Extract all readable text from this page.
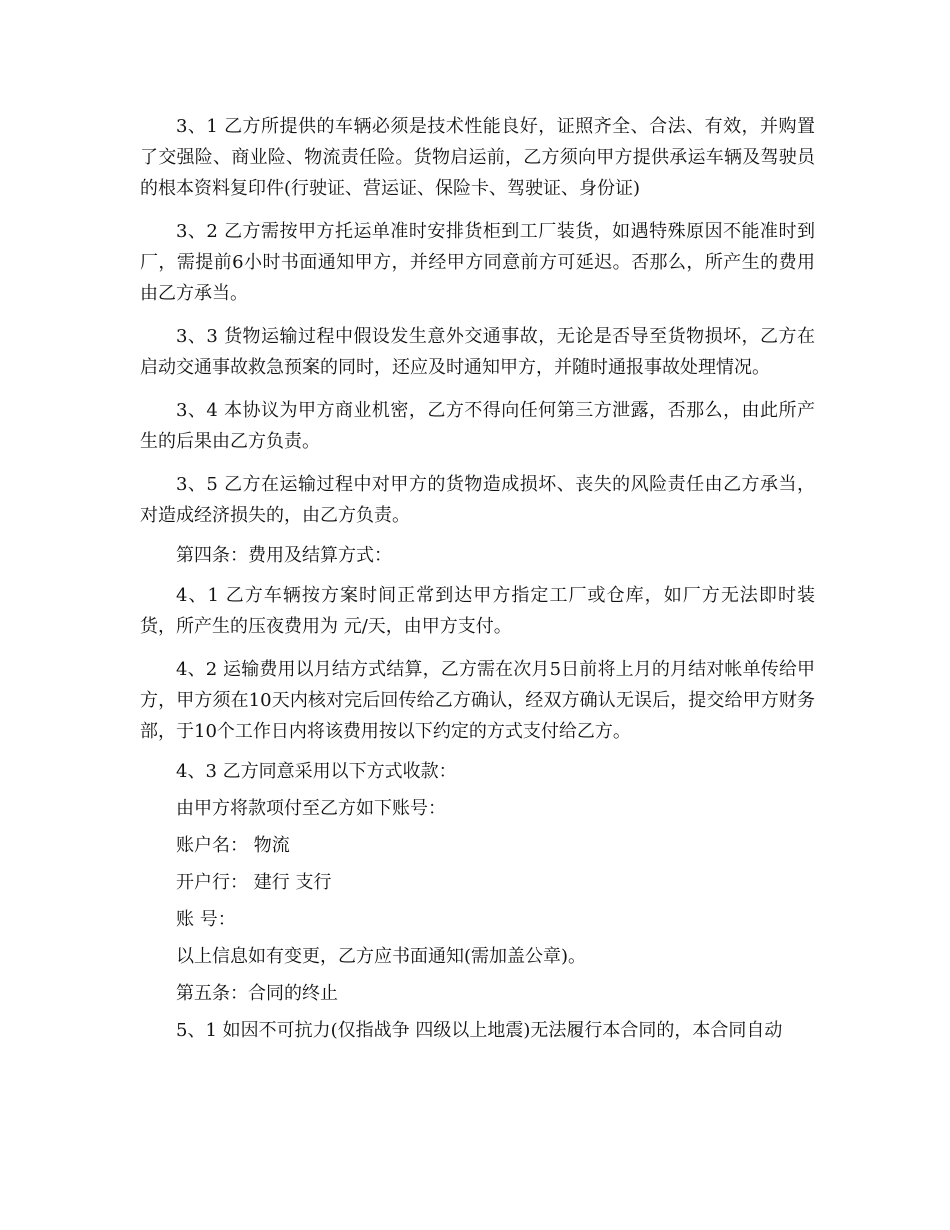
3、1 乙方所提供的车辆必须是技术性能良好，证照齐全、合法、有效，并购置了交强险、商业险、物流责任险。货物启运前，乙方须向甲方提供承运车辆及驾驶员的根本资料复印件(行驶证、营运证、保险卡、驾驶证、身份证)

3、2 乙方需按甲方托运单准时安排货柜到工厂装货，如遇特殊原因不能准时到厂，需提前6小时书面通知甲方，并经甲方同意前方可延迟。否那么，所产生的费用由乙方承当。

3、3 货物运输过程中假设发生意外交通事故，无论是否导至货物损坏，乙方在启动交通事故救急预案的同时，还应及时通知甲方，并随时通报事故处理情况。

3、4 本协议为甲方商业机密，乙方不得向任何第三方泄露，否那么，由此所产生的后果由乙方负责。

3、5 乙方在运输过程中对甲方的货物造成损坏、丧失的风险责任由乙方承当，对造成经济损失的，由乙方负责。

第四条：费用及结算方式：

4、1 乙方车辆按方案时间正常到达甲方指定工厂或仓库，如厂方无法即时装货，所产生的压夜费用为 元/天，由甲方支付。

4、2 运输费用以月结方式结算，乙方需在次月5日前将上月的月结对帐单传给甲方，甲方须在10天内核对完后回传给乙方确认，经双方确认无误后，提交给甲方财务部，于10个工作日内将该费用按以下约定的方式支付给乙方。

4、3 乙方同意采用以下方式收款：

由甲方将款项付至乙方如下账号：

账户名： 物流

开户行： 建行 支行

账 号：

以上信息如有变更，乙方应书面通知(需加盖公章)。

第五条：合同的终止

5、1 如因不可抗力(仅指战争 四级以上地震)无法履行本合同的，本合同自动
